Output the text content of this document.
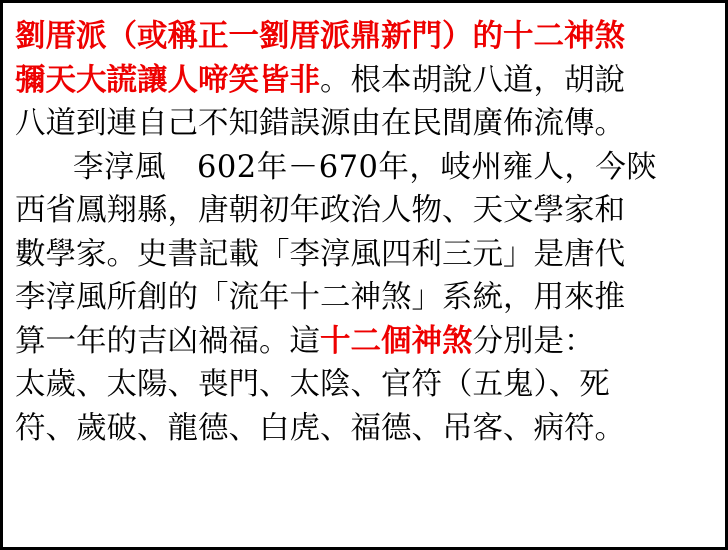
劉厝派（或稱正一劉厝派鼎新門）的十二神煞
彌天大謊讓人啼笑皆非。根本胡說八道，胡說
八道到連自己不知錯誤源由在民間廣佈流傳。
李淳風　602年－670年，岐州雍人，今陝
西省鳳翔縣，唐朝初年政治人物、天文學家和
數學家。史書記載「李淳風四利三元」是唐代
李淳風所創的「流年十二神煞」系統，用來推
算一年的吉凶禍福。這十二個神煞分別是：
太歲、太陽、喪門、太陰、官符（五鬼）、死
符、歲破、龍德、白虎、福德、吊客、病符。
